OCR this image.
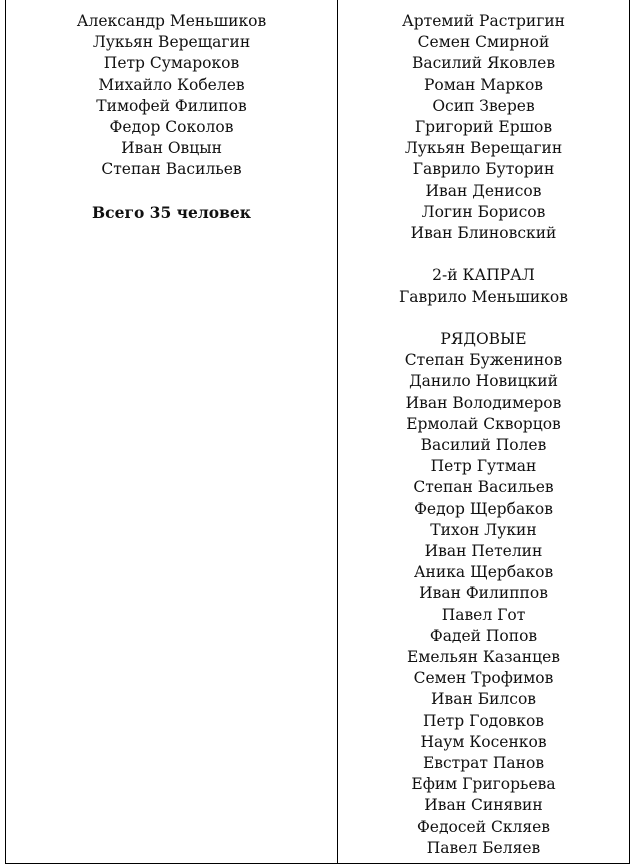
Александр Меньшиков
Лукьян Верещагин
Петр Сумароков
Михайло Кобелев
Тимофей Филипов
Федор Соколов
Иван Овцын
Степан Васильев
Всего 35 человек
Артемий Растригин
Семен Смирной
Василий Яковлев
Роман Марков
Осип Зверев
Григорий Ершов
Лукьян Верещагин
Гаврило Буторин
Иван Денисов
Логин Борисов
Иван Блиновский
2-й КАПРАЛ
Гаврило Меньшиков
РЯДОВЫЕ
Степан Буженинов
Данило Новицкий
Иван Володимеров
Ермолай Скворцов
Василий Полев
Петр Гутман
Степан Васильев
Федор Щербаков
Тихон Лукин
Иван Петелин
Аника Щербаков
Иван Филиппов
Павел Гот
Фадей Попов
Емельян Казанцев
Семен Трофимов
Иван Билсов
Петр Годовков
Наум Косенков
Евстрат Панов
Ефим Григорьева
Иван Синявин
Федосей Скляев
Павел Беляев
